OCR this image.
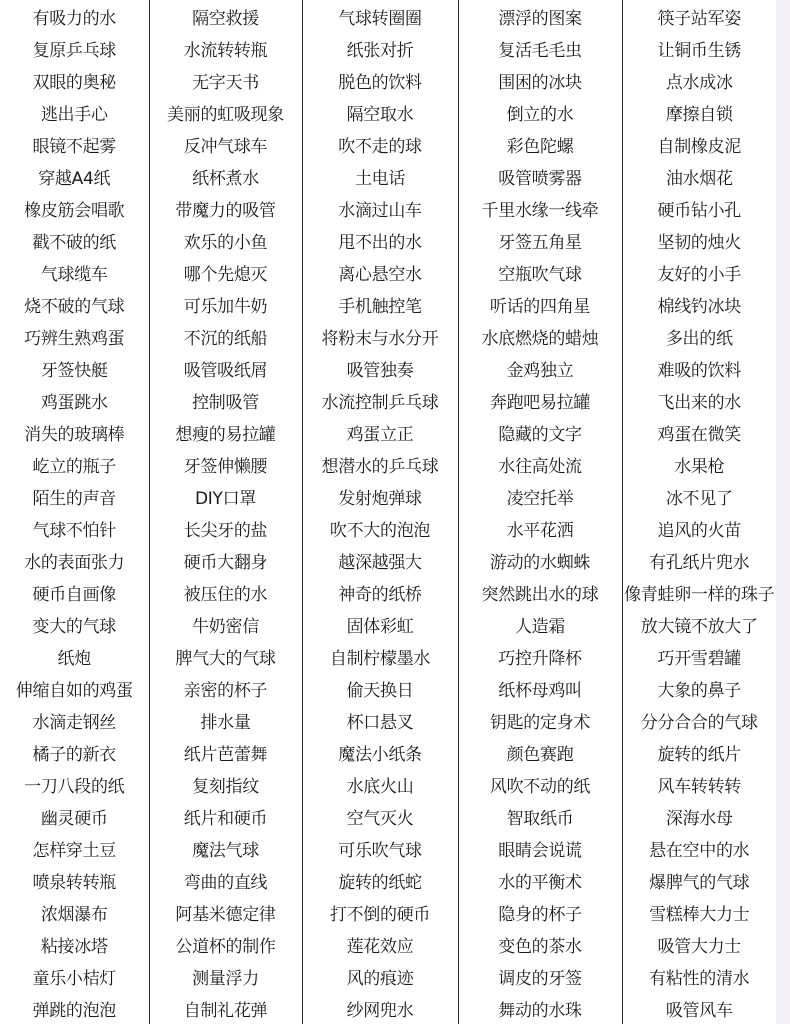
有吸力的水	隔空救援	气球转圈圈	漂浮的图案	筷子站军姿
复原乒乓球	水流转转瓶	纸张对折	复活毛毛虫	让铜币生锈
双眼的奥秘	无字天书	脱色的饮料	围困的冰块	点水成冰
逃出手心	美丽的虹吸现象	隔空取水	倒立的水	摩擦自锁
眼镜不起雾	反冲气球车	吹不走的球	彩色陀螺	自制橡皮泥
穿越A4纸	纸杯煮水	土电话	吸管喷雾器	油水烟花
橡皮筋会唱歌	带魔力的吸管	水滴过山车	千里水缘一线牵	硬币钻小孔
戳不破的纸	欢乐的小鱼	甩不出的水	牙签五角星	坚韧的烛火
气球缆车	哪个先熄灭	离心悬空水	空瓶吹气球	友好的小手
烧不破的气球	可乐加牛奶	手机触控笔	听话的四角星	棉线钓冰块
巧辨生熟鸡蛋	不沉的纸船	将粉末与水分开	水底燃烧的蜡烛	多出的纸
牙签快艇	吸管吸纸屑	吸管独奏	金鸡独立	难吸的饮料
鸡蛋跳水	控制吸管	水流控制乒乓球	奔跑吧易拉罐	飞出来的水
消失的玻璃棒	想瘦的易拉罐	鸡蛋立正	隐藏的文字	鸡蛋在微笑
屹立的瓶子	牙签伸懒腰	想潜水的乒乓球	水往高处流	水果枪
陌生的声音	DIY口罩	发射炮弹球	凌空托举	冰不见了
气球不怕针	长尖牙的盐	吹不大的泡泡	水平花洒	追风的火苗
水的表面张力	硬币大翻身	越深越强大	游动的水蜘蛛	有孔纸片兜水
硬币自画像	被压住的水	神奇的纸桥	突然跳出水的球	像青蛙卵一样的珠子
变大的气球	牛奶密信	固体彩虹	人造霜	放大镜不放大了
纸炮	脾气大的气球	自制柠檬墨水	巧控升降杯	巧开雪碧罐
伸缩自如的鸡蛋	亲密的杯子	偷天换日	纸杯母鸡叫	大象的鼻子
水滴走钢丝	排水量	杯口悬叉	钥匙的定身术	分分合合的气球
橘子的新衣	纸片芭蕾舞	魔法小纸条	颜色赛跑	旋转的纸片
一刀八段的纸	复刻指纹	水底火山	风吹不动的纸	风车转转转
幽灵硬币	纸片和硬币	空气灭火	智取纸币	深海水母
怎样穿土豆	魔法气球	可乐吹气球	眼睛会说谎	悬在空中的水
喷泉转转瓶	弯曲的直线	旋转的纸蛇	水的平衡术	爆脾气的气球
浓烟瀑布	阿基米德定律	打不倒的硬币	隐身的杯子	雪糕棒大力士
粘接冰塔	公道杯的制作	莲花效应	变色的茶水	吸管大力士
童乐小桔灯	测量浮力	风的痕迹	调皮的牙签	有粘性的清水
弹跳的泡泡	自制礼花弹	纱网兜水	舞动的水珠	吸管风车
